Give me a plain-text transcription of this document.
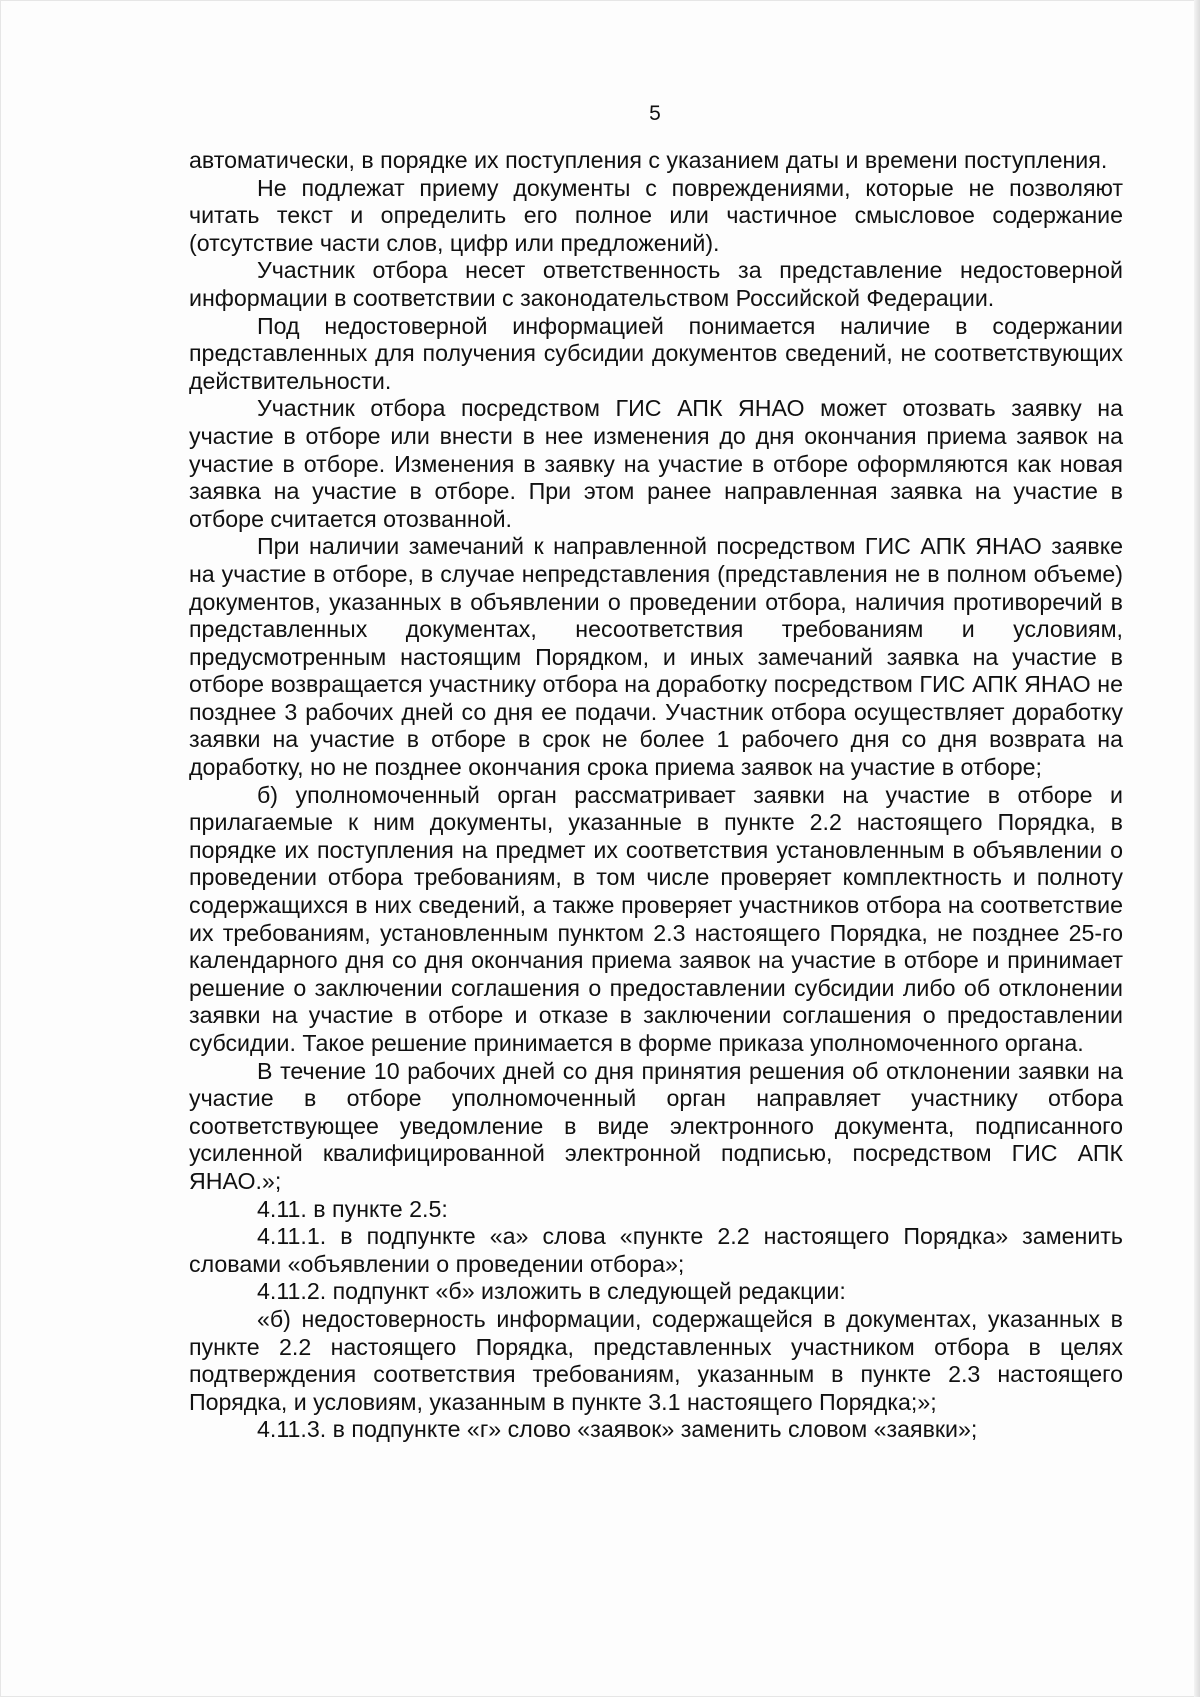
5

автоматически, в порядке их поступления с указанием даты и времени поступления.

Не подлежат приему документы с повреждениями, которые не позволяют читать текст и определить его полное или частичное смысловое содержание (отсутствие части слов, цифр или предложений).

Участник отбора несет ответственность за представление недостоверной информации в соответствии с законодательством Российской Федерации.

Под недостоверной информацией понимается наличие в содержании представленных для получения субсидии документов сведений, не соответствующих действительности.

Участник отбора посредством ГИС АПК ЯНАО может отозвать заявку на участие в отборе или внести в нее изменения до дня окончания приема заявок на участие в отборе. Изменения в заявку на участие в отборе оформляются как новая заявка на участие в отборе. При этом ранее направленная заявка на участие в отборе считается отозванной.

При наличии замечаний к направленной посредством ГИС АПК ЯНАО заявке на участие в отборе, в случае непредставления (представления не в полном объеме) документов, указанных в объявлении о проведении отбора, наличия противоречий в представленных документах, несоответствия требованиям и условиям, предусмотренным настоящим Порядком, и иных замечаний заявка на участие в отборе возвращается участнику отбора на доработку посредством ГИС АПК ЯНАО не позднее 3 рабочих дней со дня ее подачи. Участник отбора осуществляет доработку заявки на участие в отборе в срок не более 1 рабочего дня со дня возврата на доработку, но не позднее окончания срока приема заявок на участие в отборе;

б) уполномоченный орган рассматривает заявки на участие в отборе и прилагаемые к ним документы, указанные в пункте 2.2 настоящего Порядка, в порядке их поступления на предмет их соответствия установленным в объявлении о проведении отбора требованиям, в том числе проверяет комплектность и полноту содержащихся в них сведений, а также проверяет участников отбора на соответствие их требованиям, установленным пунктом 2.3 настоящего Порядка, не позднее 25-го календарного дня со дня окончания приема заявок на участие в отборе и принимает решение о заключении соглашения о предоставлении субсидии либо об отклонении заявки на участие в отборе и отказе в заключении соглашения о предоставлении субсидии. Такое решение принимается в форме приказа уполномоченного органа.

В течение 10 рабочих дней со дня принятия решения об отклонении заявки на участие в отборе уполномоченный орган направляет участнику отбора соответствующее уведомление в виде электронного документа, подписанного усиленной квалифицированной электронной подписью, посредством ГИС АПК ЯНАО.»;

4.11. в пункте 2.5:

4.11.1. в подпункте «а» слова «пункте 2.2 настоящего Порядка» заменить словами «объявлении о проведении отбора»;

4.11.2. подпункт «б» изложить в следующей редакции:

«б) недостоверность информации, содержащейся в документах, указанных в пункте 2.2 настоящего Порядка, представленных участником отбора в целях подтверждения соответствия требованиям, указанным в пункте 2.3 настоящего Порядка, и условиям, указанным в пункте 3.1 настоящего Порядка;»;

4.11.3. в подпункте «г» слово «заявок» заменить словом «заявки»;
